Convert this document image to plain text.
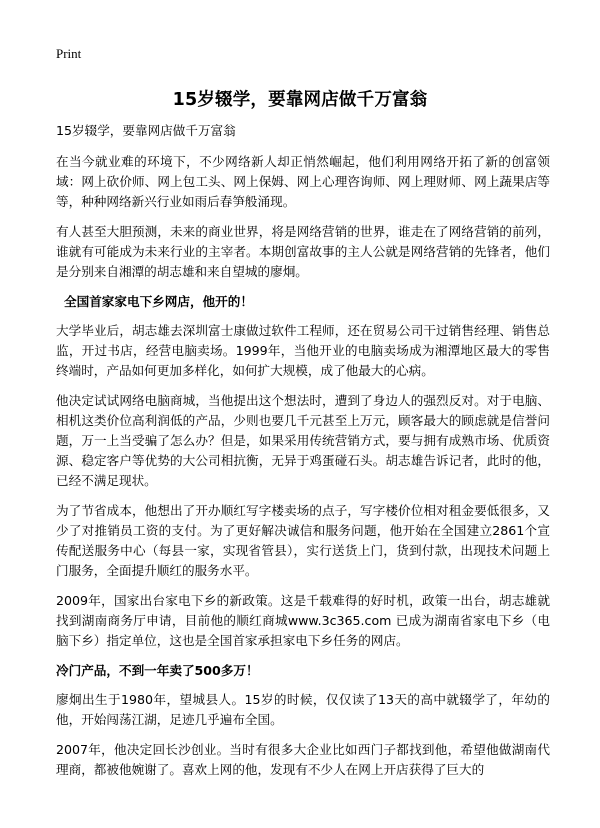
Print
15岁辍学，要靠网店做千万富翁

15岁辍学，要靠网店做千万富翁

在当今就业难的环境下，不少网络新人却正悄然崛起，他们利用网络开拓了新的创富领域：网上砍价师、网上包工头、网上保姆、网上心理咨询师、网上理财师、网上蔬果店等等，种种网络新兴行业如雨后春笋般涌现。

有人甚至大胆预测，未来的商业世界，将是网络营销的世界，谁走在了网络营销的前列，谁就有可能成为未来行业的主宰者。本期创富故事的主人公就是网络营销的先锋者，他们是分别来自湘潭的胡志雄和来自望城的廖炯。

全国首家家电下乡网店，他开的！

大学毕业后，胡志雄去深圳富士康做过软件工程师，还在贸易公司干过销售经理、销售总监，开过书店，经营电脑卖场。1999年，当他开业的电脑卖场成为湘潭地区最大的零售终端时，产品如何更加多样化，如何扩大规模，成了他最大的心病。

他决定试试网络电脑商城，当他提出这个想法时，遭到了身边人的强烈反对。对于电脑、相机这类价位高利润低的产品，少则也要几千元甚至上万元，顾客最大的顾虑就是信誉问题，万一上当受骗了怎么办？但是，如果采用传统营销方式，要与拥有成熟市场、优质资源、稳定客户等优势的大公司相抗衡，无异于鸡蛋碰石头。胡志雄告诉记者，此时的他，已经不满足现状。

为了节省成本，他想出了开办顺红写字楼卖场的点子，写字楼价位相对租金要低很多，又少了对推销员工资的支付。为了更好解决诚信和服务问题，他开始在全国建立2861个宣传配送服务中心（每县一家，实现省管县），实行送货上门，货到付款，出现技术问题上门服务，全面提升顺红的服务水平。

2009年，国家出台家电下乡的新政策。这是千载难得的好时机，政策一出台，胡志雄就找到湖南商务厅申请，目前他的顺红商城www.3c365.com 已成为湖南省家电下乡（电脑下乡）指定单位，这也是全国首家承担家电下乡任务的网店。

冷门产品，不到一年卖了500多万！

廖炯出生于1980年，望城县人。15岁的时候，仅仅读了13天的高中就辍学了，年幼的他，开始闯荡江湖，足迹几乎遍布全国。

2007年，他决定回长沙创业。当时有很多大企业比如西门子都找到他，希望他做湖南代理商，都被他婉谢了。喜欢上网的他，发现有不少人在网上开店获得了巨大的
